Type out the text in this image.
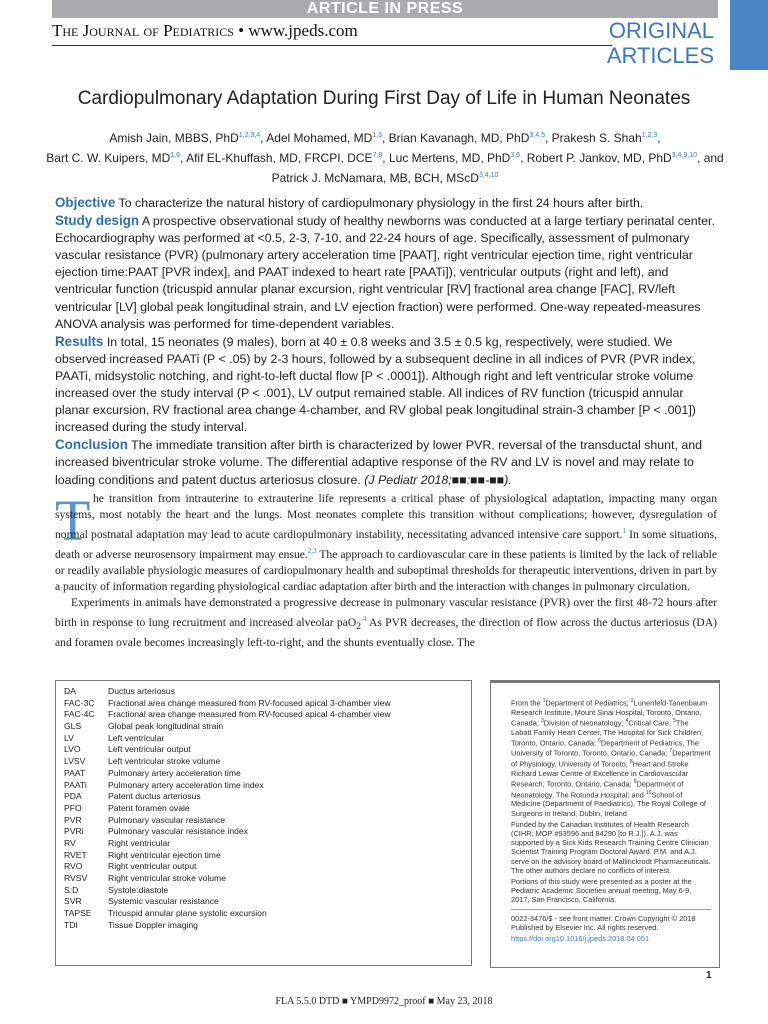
ARTICLE IN PRESS
The Journal of Pediatrics • www.jpeds.com	ORIGINAL
ARTICLES
Cardiopulmonary Adaptation During First Day of Life in Human Neonates
Amish Jain, MBBS, PhD$^{1,2,3,4}$, Adel Mohamed, MD$^{1,3}$, Brian Kavanagh, MD, PhD$^{3,4,5}$, Prakesh S. Shah$^{1,2,3}$,
Bart C. W. Kuipers, MD$^{1,6}$, Afif EL-Khuffash, MD, FRCPI, DCE$^{7,8}$, Luc Mertens, MD, PhD$^{3,6}$, Robert P. Jankov, MD, PhD$^{3,4,9,10}$, and
Patrick J. McNamara, MB, BCH, MScD$^{3,4,10}$

Objective To characterize the natural history of cardiopulmonary physiology in the first 24 hours after birth.

Study design A prospective observational study of healthy newborns was conducted at a large tertiary perinatal center. Echocardiography was performed at <0.5, 2-3, 7-10, and 22-24 hours of age. Specifically, assessment of pulmonary vascular resistance (PVR) (pulmonary artery acceleration time [PAAT], right ventricular ejection time, right ventricular ejection time:PAAT [PVR index], and PAAT indexed to heart rate [PAATi]), ventricular outputs (right and left), and ventricular function (tricuspid annular planar excursion, right ventricular [RV] fractional area change [FAC], RV/left ventricular [LV] global peak longitudinal strain, and LV ejection fraction) were performed. One-way repeated-measures ANOVA analysis was performed for time-dependent variables.

Results In total, 15 neonates (9 males), born at 40 ± 0.8 weeks and 3.5 ± 0.5 kg, respectively, were studied. We observed increased PAATi (P < .05) by 2-3 hours, followed by a subsequent decline in all indices of PVR (PVR index, PAATi, midsystolic notching, and right-to-left ductal flow [P < .0001]). Although right and left ventricular stroke volume increased over the study interval (P < .001), LV output remained stable. All indices of RV function (tricuspid annular planar excursion, RV fractional area change 4-chamber, and RV global peak longitudinal strain-3 chamber [P < .001]) increased during the study interval.

Conclusion The immediate transition after birth is characterized by lower PVR, reversal of the transductal shunt, and increased biventricular stroke volume. The differential adaptive response of the RV and LV is novel and may relate to loading conditions and patent ductus arteriosus closure. (J Pediatr 2018;■■:■■-■■).

T he transition from intrauterine to extrauterine life represents a critical phase of physiological adaptation, impacting many organ systems, most notably the heart and the lungs. Most neonates complete this transition without complications; however, dysregulation of normal postnatal adaptation may lead to acute cardiopulmonary instability, necessitating advanced intensive care support.$^1$ In some situations, death or adverse neurosensory impairment may ensue.$^{2,3}$ The approach to cardiovascular care in these patients is limited by the lack of reliable or readily available physiologic measures of cardiopulmonary health and suboptimal thresholds for therapeutic interventions, driven in part by a paucity of information regarding physiological cardiac adaptation after birth and the interaction with changes in pulmonary circulation.

Experiments in animals have demonstrated a progressive decrease in pulmonary vascular resistance (PVR) over the first 48-72 hours after birth in response to lung recruitment and increased alveolar paO$_2^{.4}$ As PVR decreases, the direction of flow across the ductus arteriosus (DA) and foramen ovale becomes increasingly left-to-right, and the shunts eventually close. The

DA	Ductus arteriosus
FAC-3C	Fractional area change measured from RV-focused apical 3-chamber view
FAC-4C	Fractional area change measured from RV-focused apical 4-chamber view
GLS	Global peak longitudinal strain
LV	Left ventricular
LVO	Left ventricular output
LVSV	Left ventricular stroke volume
PAAT	Pulmonary artery acceleration time
PAATi	Pulmonary artery acceleration time index
PDA	Patent ductus arteriosus
PFO	Patent foramen ovale
PVR	Pulmonary vascular resistance
PVRi	Pulmonary vascular resistance index
RV	Right ventricular
RVET	Right ventricular ejection time
RVO	Right ventricular output
RVSV	Right ventricular stroke volume
S:D	Systole:diastole
SVR	Systemic vascular resistance
TAPSE	Tricuspid annular plane systolic excursion
TDI	Tissue Doppler imaging

From the $^1$Department of Pediatrics; $^2$Lunenfeld-Tanenbaum Research Institute, Mount Sinai Hospital, Toronto, Ontario, Canada; $^3$Division of Neonatology; $^4$Critical Care; $^5$The Labatt Family Heart Center, The Hospital for Sick Children, Toronto, Ontario, Canada; $^6$Department of Pediatrics, The University of Toronto, Toronto, Ontario, Canada; $^7$Department of Physiology, University of Toronto; $^8$Heart and Stroke Richard Lewar Centre of Excellence in Cardiovascular Research, Toronto, Ontario, Canada; $^9$Department of Neonatology, The Rotunda Hospital; and $^{10}$School of Medicine (Department of Paediatrics), The Royal College of Surgeons in Ireland, Dublin, Ireland

Funded by the Canadian Institutes of Health Research (CIHR; MOP #93596 and 84290 [to R.J.]). A.J. was supported by a Sick Kids Research Training Centre Clinician Scientist Training Program Doctoral Award. P.M. and A.J. serve on the advisory board of Mallinckrodt Pharmaceuticals. The other authors declare no conflicts of interest.

Portions of this study were presented as a poster at the Pediatric Academic Societies annual meeting, May 6-9, 2017, San Francisco, California.

0022-3476/$ - see front matter. Crown Copyright © 2018 Published by Elsevier Inc. All rights reserved.

https://doi.org10.1016/j.jpeds.2018.04.051

1
FLA 5.5.0 DTD ■ YMPD9972_proof ■ May 23, 2018
